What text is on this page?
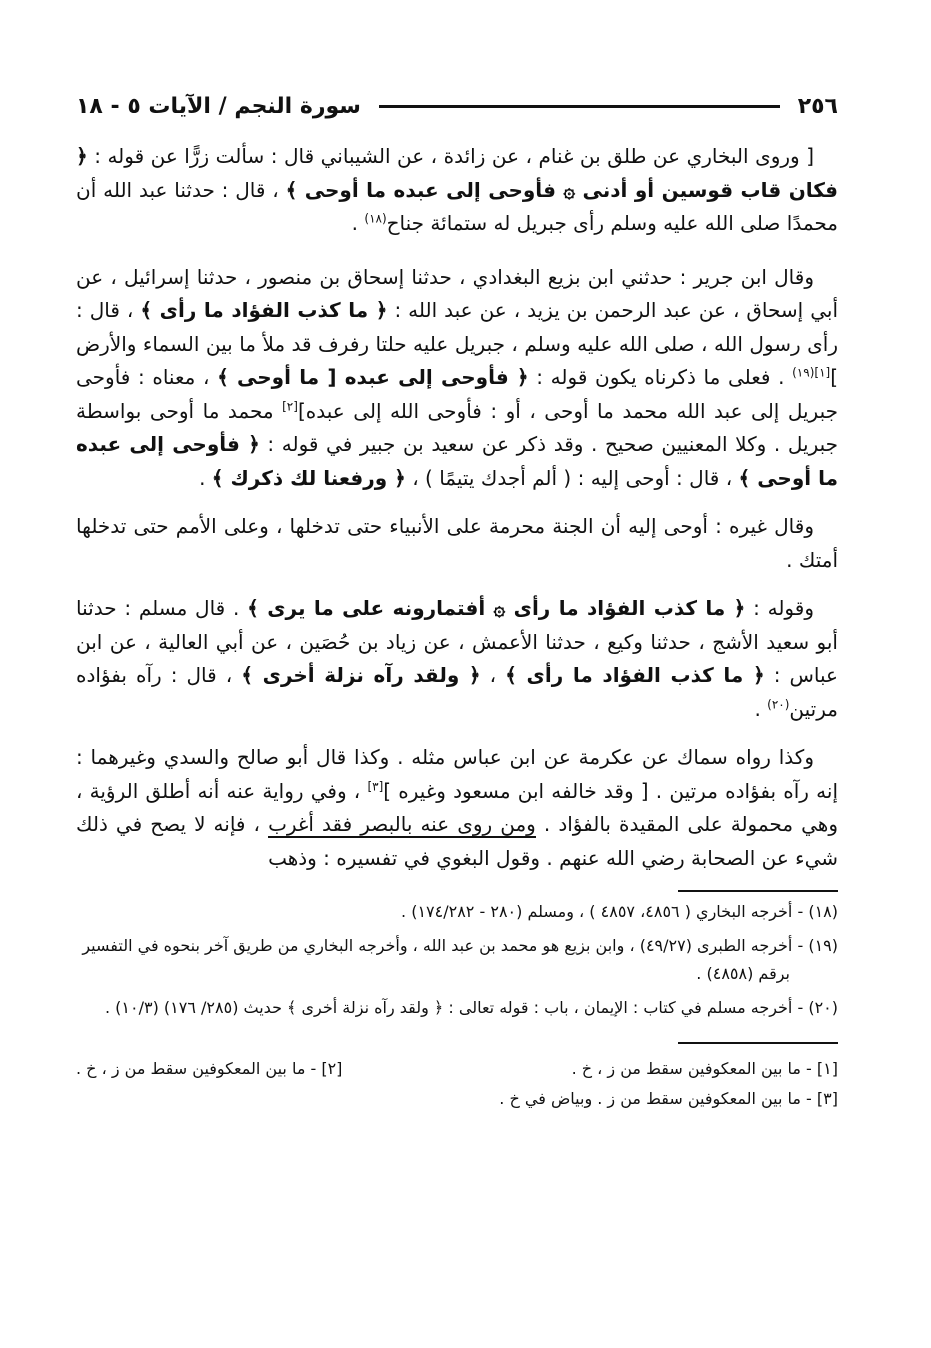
٢٥٦
سورة النجم / الآيات ٥ - ١٨

[ وروى البخاري عن طلق بن غنام ، عن زائدة ، عن الشيباني قال : سألت زرًّا عن قوله : ﴿ فكان قاب قوسين أو أدنى ۞ فأوحى إلى عبده ما أوحى ﴾ ، قال : حدثنا عبد الله أن محمدًا صلى الله عليه وسلم رأى جبريل له ستمائة جناح$^{(١٨)}$ .

وقال ابن جرير : حدثني ابن بزيع البغدادي ، حدثنا إسحاق بن منصور ، حدثنا إسرائيل ، عن أبي إسحاق ، عن عبد الرحمن بن يزيد ، عن عبد الله : ﴿ ما كذب الفؤاد ما رأى ﴾ ، قال : رأى رسول الله ، صلى الله عليه وسلم ، جبريل عليه حلتا رفرف قد ملأ ما بين السماء والأرض ]$^{[١](١٩)}$ . فعلى ما ذكرناه يكون قوله : ﴿ فأوحى إلى عبده [ ما أوحى ﴾ ، معناه : فأوحى جبريل إلى عبد الله محمد ما أوحى ، أو : فأوحى الله إلى عبده][٢] محمد ما أوحى بواسطة جبريل . وكلا المعنيين صحيح . وقد ذكر عن سعيد بن جبير في قوله : ﴿ فأوحى إلى عبده ما أوحى ﴾ ، قال : أوحى إليه : ( ألم أجدك يتيمًا ) ، ﴿ ورفعنا لك ذكرك ﴾ .

وقال غيره : أوحى إليه أن الجنة محرمة على الأنبياء حتى تدخلها ، وعلى الأمم حتى تدخلها أمتك .

وقوله : ﴿ ما كذب الفؤاد ما رأى ۞ أفتمارونه على ما يرى ﴾ . قال مسلم : حدثنا أبو سعيد الأشج ، حدثنا وكيع ، حدثنا الأعمش ، عن زياد بن حُصَين ، عن أبي العالية ، عن ابن عباس : ﴿ ما كذب الفؤاد ما رأى ﴾ ، ﴿ ولقد رآه نزلة أخرى ﴾ ، قال : رآه بفؤاده مرتين$^{(٢٠)}$ .

وكذا رواه سماك عن عكرمة عن ابن عباس مثله . وكذا قال أبو صالح والسدي وغيرهما : إنه رآه بفؤاده مرتين . [ وقد خالفه ابن مسعود وغيره ][٣] ، وفي رواية عنه أنه أطلق الرؤية ، وهي محمولة على المقيدة بالفؤاد . ومن روى عنه بالبصر فقد أغرب ، فإنه لا يصح في ذلك شيء عن الصحابة رضي الله عنهم . وقول البغوي في تفسيره : وذهب

(١٨) - أخرجه البخاري ( ٤٨٥٦، ٤٨٥٧ ) ، ومسلم (٢٨٠ - ١٧٤/٢٨٢) .

(١٩) - أخرجه الطبرى (٤٩/٢٧) ، وابن بزيع هو محمد بن عبد الله ، وأخرجه البخاري من طريق آخر بنحوه في التفسير برقم (٤٨٥٨) .

(٢٠) - أخرجه مسلم في كتاب : الإيمان ، باب : قوله تعالى : ﴿ ولقد رآه نزلة أخرى ﴾ حديث (٢٨٥/ ١٧٦) (١٠/٣) .

[١] - ما بين المعكوفين سقط من ز ، خ .
[٢] - ما بين المعكوفين سقط من ز ، خ .
[٣] - ما بين المعكوفين سقط من ز . وبياض في خ .
